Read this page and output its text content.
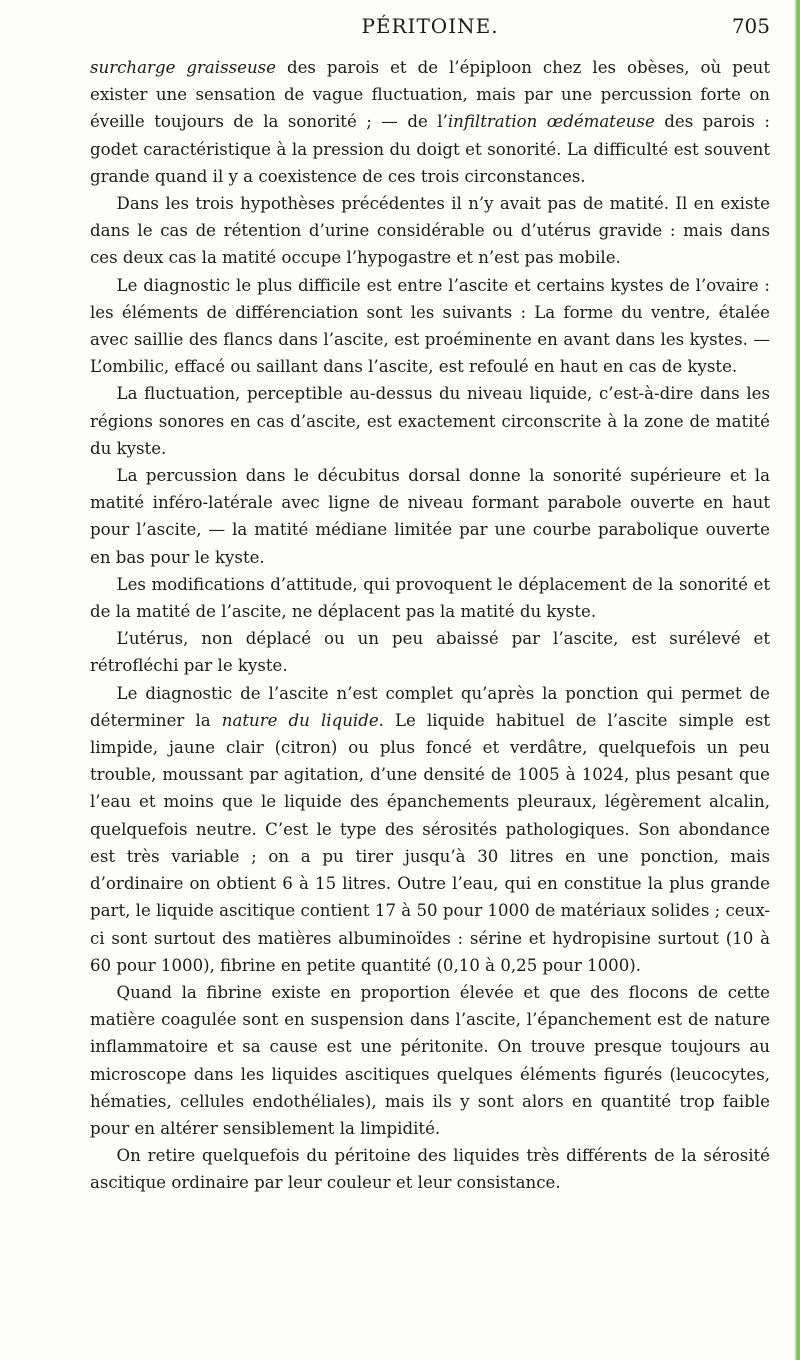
PÉRITOINE.	705

surcharge graisseuse des parois et de l’épiploon chez les obèses, où peut exister une sensation de vague fluctuation, mais par une percussion forte on éveille toujours de la sonorité ; — de l’infiltration œdémateuse des parois : godet caractéristique à la pression du doigt et sonorité. La difficulté est souvent grande quand il y a coexistence de ces trois circonstances.

Dans les trois hypothèses précédentes il n’y avait pas de matité. Il en existe dans le cas de rétention d’urine considérable ou d’utérus gravide : mais dans ces deux cas la matité occupe l’hypogastre et n’est pas mobile.

Le diagnostic le plus difficile est entre l’ascite et certains kystes de l’ovaire : les éléments de différenciation sont les suivants : La forme du ventre, étalée avec saillie des flancs dans l’ascite, est proéminente en avant dans les kystes. — L’ombilic, effacé ou saillant dans l’ascite, est refoulé en haut en cas de kyste.

La fluctuation, perceptible au-dessus du niveau liquide, c’est-à-dire dans les régions sonores en cas d’ascite, est exactement circonscrite à la zone de matité du kyste.

La percussion dans le décubitus dorsal donne la sonorité supérieure et la matité inféro-latérale avec ligne de niveau formant parabole ouverte en haut pour l’ascite, — la matité médiane limitée par une courbe parabolique ouverte en bas pour le kyste.

Les modifications d’attitude, qui provoquent le déplacement de la sonorité et de la matité de l’ascite, ne déplacent pas la matité du kyste.

L’utérus, non déplacé ou un peu abaissé par l’ascite, est surélevé et rétrofléchi par le kyste.

Le diagnostic de l’ascite n’est complet qu’après la ponction qui permet de déterminer la nature du liquide. Le liquide habituel de l’ascite simple est limpide, jaune clair (citron) ou plus foncé et verdâtre, quelquefois un peu trouble, moussant par agitation, d’une densité de 1005 à 1024, plus pesant que l’eau et moins que le liquide des épanchements pleuraux, légèrement alcalin, quelquefois neutre. C’est le type des sérosités pathologiques. Son abondance est très variable ; on a pu tirer jusqu’à 30 litres en une ponction, mais d’ordinaire on obtient 6 à 15 litres. Outre l’eau, qui en constitue la plus grande part, le liquide ascitique contient 17 à 50 pour 1000 de matériaux solides ; ceux-ci sont surtout des matières albuminoïdes : sérine et hydropisine surtout (10 à 60 pour 1000), fibrine en petite quantité (0,10 à 0,25 pour 1000).

Quand la fibrine existe en proportion élevée et que des flocons de cette matière coagulée sont en suspension dans l’ascite, l’épanchement est de nature inflammatoire et sa cause est une péritonite. On trouve presque toujours au microscope dans les liquides ascitiques quelques éléments figurés (leucocytes, hématies, cellules endothéliales), mais ils y sont alors en quantité trop faible pour en altérer sensiblement la limpidité.

On retire quelquefois du péritoine des liquides très différents de la sérosité ascitique ordinaire par leur couleur et leur consistance.
